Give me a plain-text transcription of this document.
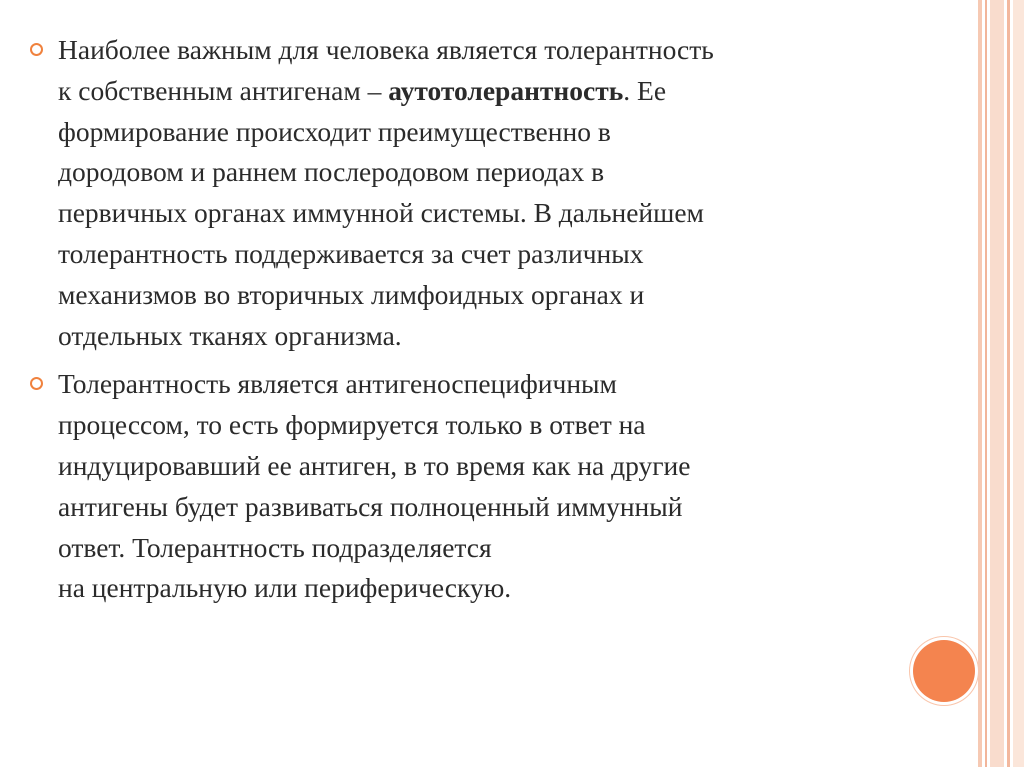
Наиболее важным для человека является толерантность
к собственным антигенам – аутотолерантность. Ее
формирование происходит преимущественно в
дородовом и раннем послеродовом периодах в
первичных органах иммунной системы. В дальнейшем
толерантность поддерживается за счет различных
механизмов во вторичных лимфоидных органах и
отдельных тканях организма.
Толерантность является антигеноспецифичным
процессом, то есть формируется только в ответ на
индуцировавший ее антиген, в то время как на другие
антигены будет развиваться полноценный иммунный
ответ. Толерантность подразделяется
на центральную или периферическую.
